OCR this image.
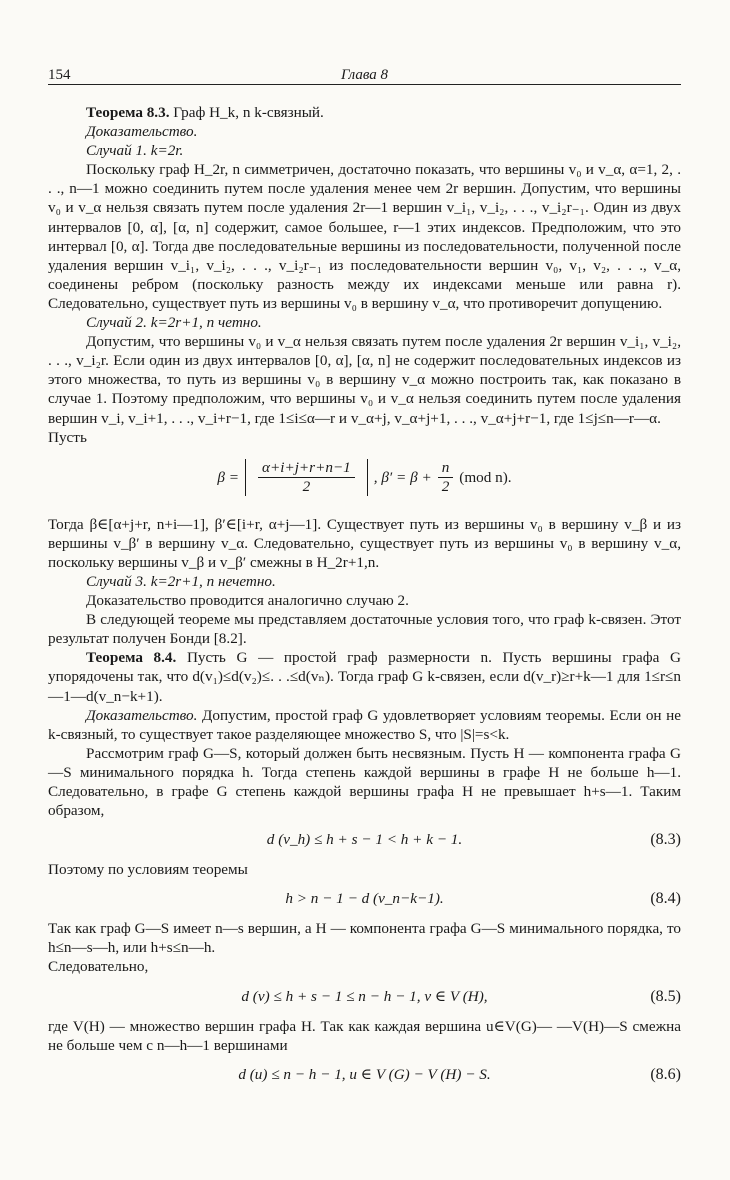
154	Глава 8

Теорема 8.3. Граф H_k, n k-связный.

Доказательство.

Случай 1. k=2r.

Поскольку граф H_2r, n симметричен, достаточно показать, что вершины v₀ и v_α, α=1, 2, . . ., n—1 можно соединить путем после удаления менее чем 2r вершин. Допустим, что вершины v₀ и v_α нельзя связать путем после удаления 2r—1 вершин v_i₁, v_i₂, . . ., v_i₂r₋₁. Один из двух интервалов [0, α], [α, n] содержит, самое большее, r—1 этих индексов. Предположим, что это интервал [0, α]. Тогда две последовательные вершины из последовательности, полученной после удаления вершин v_i₁, v_i₂, . . ., v_i₂r₋₁ из последовательности вершин v₀, v₁, v₂, . . ., v_α, соединены ребром (поскольку разность между их индексами меньше или равна r). Следовательно, существует путь из вершины v₀ в вершину v_α, что противоречит допущению.

Случай 2. k=2r+1, n четно.

Допустим, что вершины v₀ и v_α нельзя связать путем после удаления 2r вершин v_i₁, v_i₂, . . ., v_i₂r. Если один из двух интервалов [0, α], [α, n] не содержит последовательных индексов из этого множества, то путь из вершины v₀ в вершину v_α можно построить так, как показано в случае 1. Поэтому предположим, что вершины v₀ и v_α нельзя соединить путем после удаления вершин v_i, v_i+1, . . ., v_i+r−1, где 1≤i≤α—r и v_α+j, v_α+j+1, . . ., v_α+j+r−1, где 1≤j≤n—r—α.

Пусть

$\beta = \frac{\alpha+i+j+r+n-1}{2}$ , $\beta' = \beta + \frac{n}{2} (mod$ n).

Тогда β∈[α+j+r, n+i—1], β′∈[i+r, α+j—1]. Существует путь из вершины v₀ в вершину v_β и из вершины v_β′ в вершину v_α. Следовательно, существует путь из вершины v₀ в вершину v_α, поскольку вершины v_β и v_β′ смежны в H_2r+1,n.

Случай 3. k=2r+1, n нечетно.

Доказательство проводится аналогично случаю 2.

В следующей теореме мы представляем достаточные условия того, что граф k-связен. Этот результат получен Бонди [8.2].

Теорема 8.4. Пусть G — простой граф размерности n. Пусть вершины графа G упорядочены так, что d(v₁)≤d(v₂)≤. . .≤d(vₙ). Тогда граф G k-связен, если d(v_r)≥r+k—1 для 1≤r≤n—1—d(v_n−k+1).

Доказательство. Допустим, простой граф G удовлетворяет условиям теоремы. Если он не k-связный, то существует такое разделяющее множество S, что |S|=s<k.

Рассмотрим граф G—S, который должен быть несвязным. Пусть H — компонента графа G—S минимального порядка h. Тогда степень каждой вершины в графе H не больше h—1. Следовательно, в графе G степень каждой вершины графа H не превышает h+s—1. Таким образом,

d (v_h) ≤ h + s − 1 < h + k − 1.	(8.3)

Поэтому по условиям теоремы

h > n − 1 − d (v_n−k−1).	(8.4)

Так как граф G—S имеет n—s вершин, а H — компонента графа G—S минимального порядка, то h≤n—s—h, или h+s≤n—h.

Следовательно,

d (v) ≤ h + s − 1 ≤ n − h − 1, v ∈ V (H),	(8.5)

где V(H) — множество вершин графа H. Так как каждая вершина u∈V(G)— —V(H)—S смежна не больше чем с n—h—1 вершинами

d (u) ≤ n − h − 1, u ∈ V (G) − V (H) − S.	(8.6)
